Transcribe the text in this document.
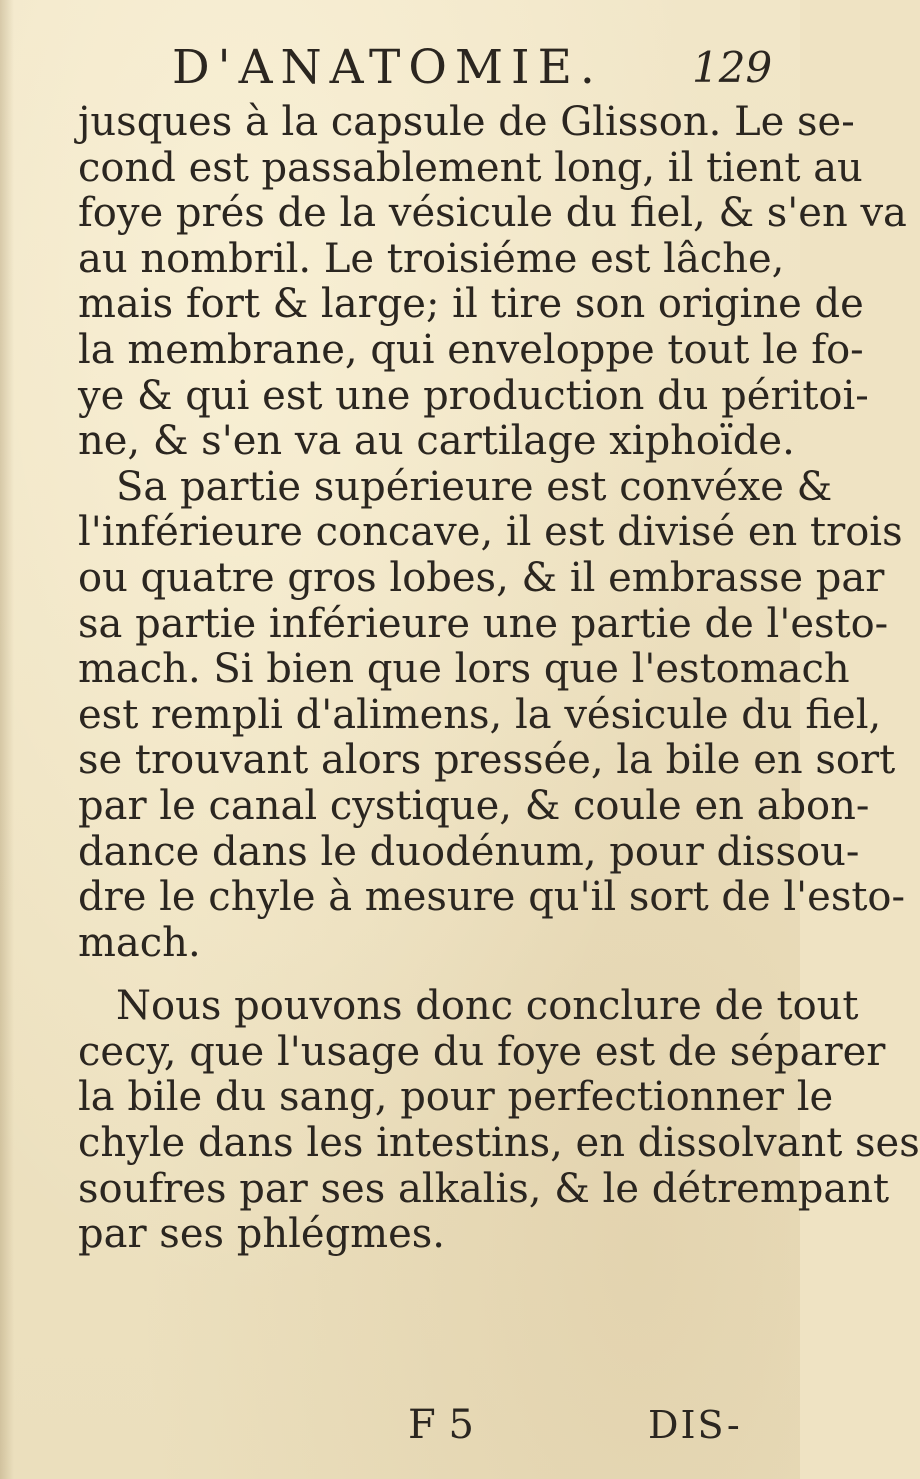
D'ANATOMIE. 129
jusques à la capsule de Glisson. Le se-
cond est passablement long, il tient au
foye prés de la vésicule du fiel, & s'en va
au nombril. Le troisiéme est lâche,
mais fort & large; il tire son origine de
la membrane, qui enveloppe tout le fo-
ye & qui est une production du péritoi-
ne, & s'en va au cartilage xiphoïde.
Sa partie supérieure est convéxe &
l'inférieure concave, il est divisé en trois
ou quatre gros lobes, & il embrasse par
sa partie inférieure une partie de l'esto-
mach. Si bien que lors que l'estomach
est rempli d'alimens, la vésicule du fiel,
se trouvant alors pressée, la bile en sort
par le canal cystique, & coule en abon-
dance dans le duodénum, pour dissou-
dre le chyle à mesure qu'il sort de l'esto-
mach.
Nous pouvons donc conclure de tout
cecy, que l'usage du foye est de séparer
la bile du sang, pour perfectionner le
chyle dans les intestins, en dissolvant ses
soufres par ses alkalis, & le détrempant
par ses phlégmes.
F 5	DIS-
